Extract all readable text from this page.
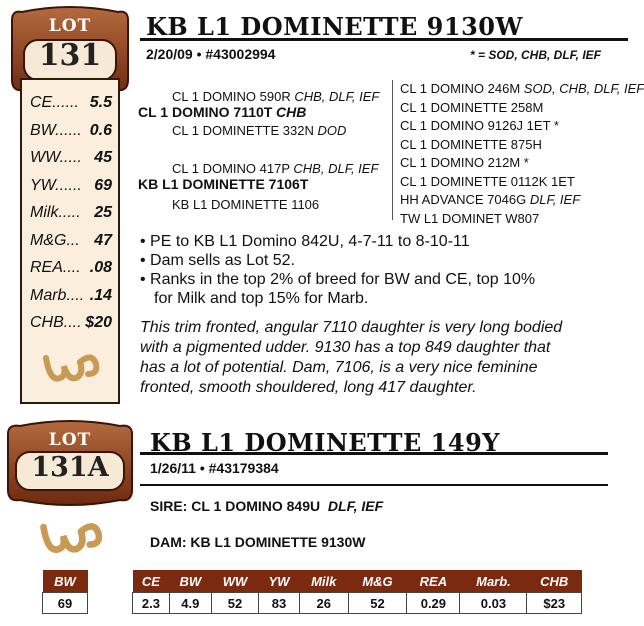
LOT
131
KB L1 DOMINETTE 9130W
2/20/09 • #43002994	* = SOD, CHB, DLF, IEF
CE...... 5.5
BW...... 0.6
WW..... 45
YW...... 69
Milk..... 25
M&G... 47
REA.... .08
Marb.... .14
CHB.... $20
CL 1 DOMINO 590R CHB, DLF, IEF
CL 1 DOMINO 7110T CHB
CL 1 DOMINETTE 332N DOD
CL 1 DOMINO 417P CHB, DLF, IEF
KB L1 DOMINETTE 7106T
KB L1 DOMINETTE 1106
CL 1 DOMINO 246M SOD, CHB, DLF, IEF
CL 1 DOMINETTE 258M
CL 1 DOMINO 9126J 1ET *
CL 1 DOMINETTE 875H
CL 1 DOMINO 212M *
CL 1 DOMINETTE 0112K 1ET
HH ADVANCE 7046G DLF, IEF
TW L1 DOMINET W807
• PE to KB L1 Domino 842U, 4-7-11 to 8-10-11
• Dam sells as Lot 52.
• Ranks in the top 2% of breed for BW and CE, top 10%
for Milk and top 15% for Marb.
This trim fronted, angular 7110 daughter is very long bodied
with a pigmented udder. 9130 has a top 849 daughter that
has a lot of potential. Dam, 7106, is a very nice feminine
fronted, smooth shouldered, long 417 daughter.
LOT
131A
KB L1 DOMINETTE 149Y
1/26/11 • #43179384
SIRE: CL 1 DOMINO 849U DLF, IEF
DAM: KB L1 DOMINETTE 9130W
BW
69
CE	BW	WW	YW	Milk	M&G	REA	Marb.	CHB
2.3	4.9	52	83	26	52	0.29	0.03	$23
